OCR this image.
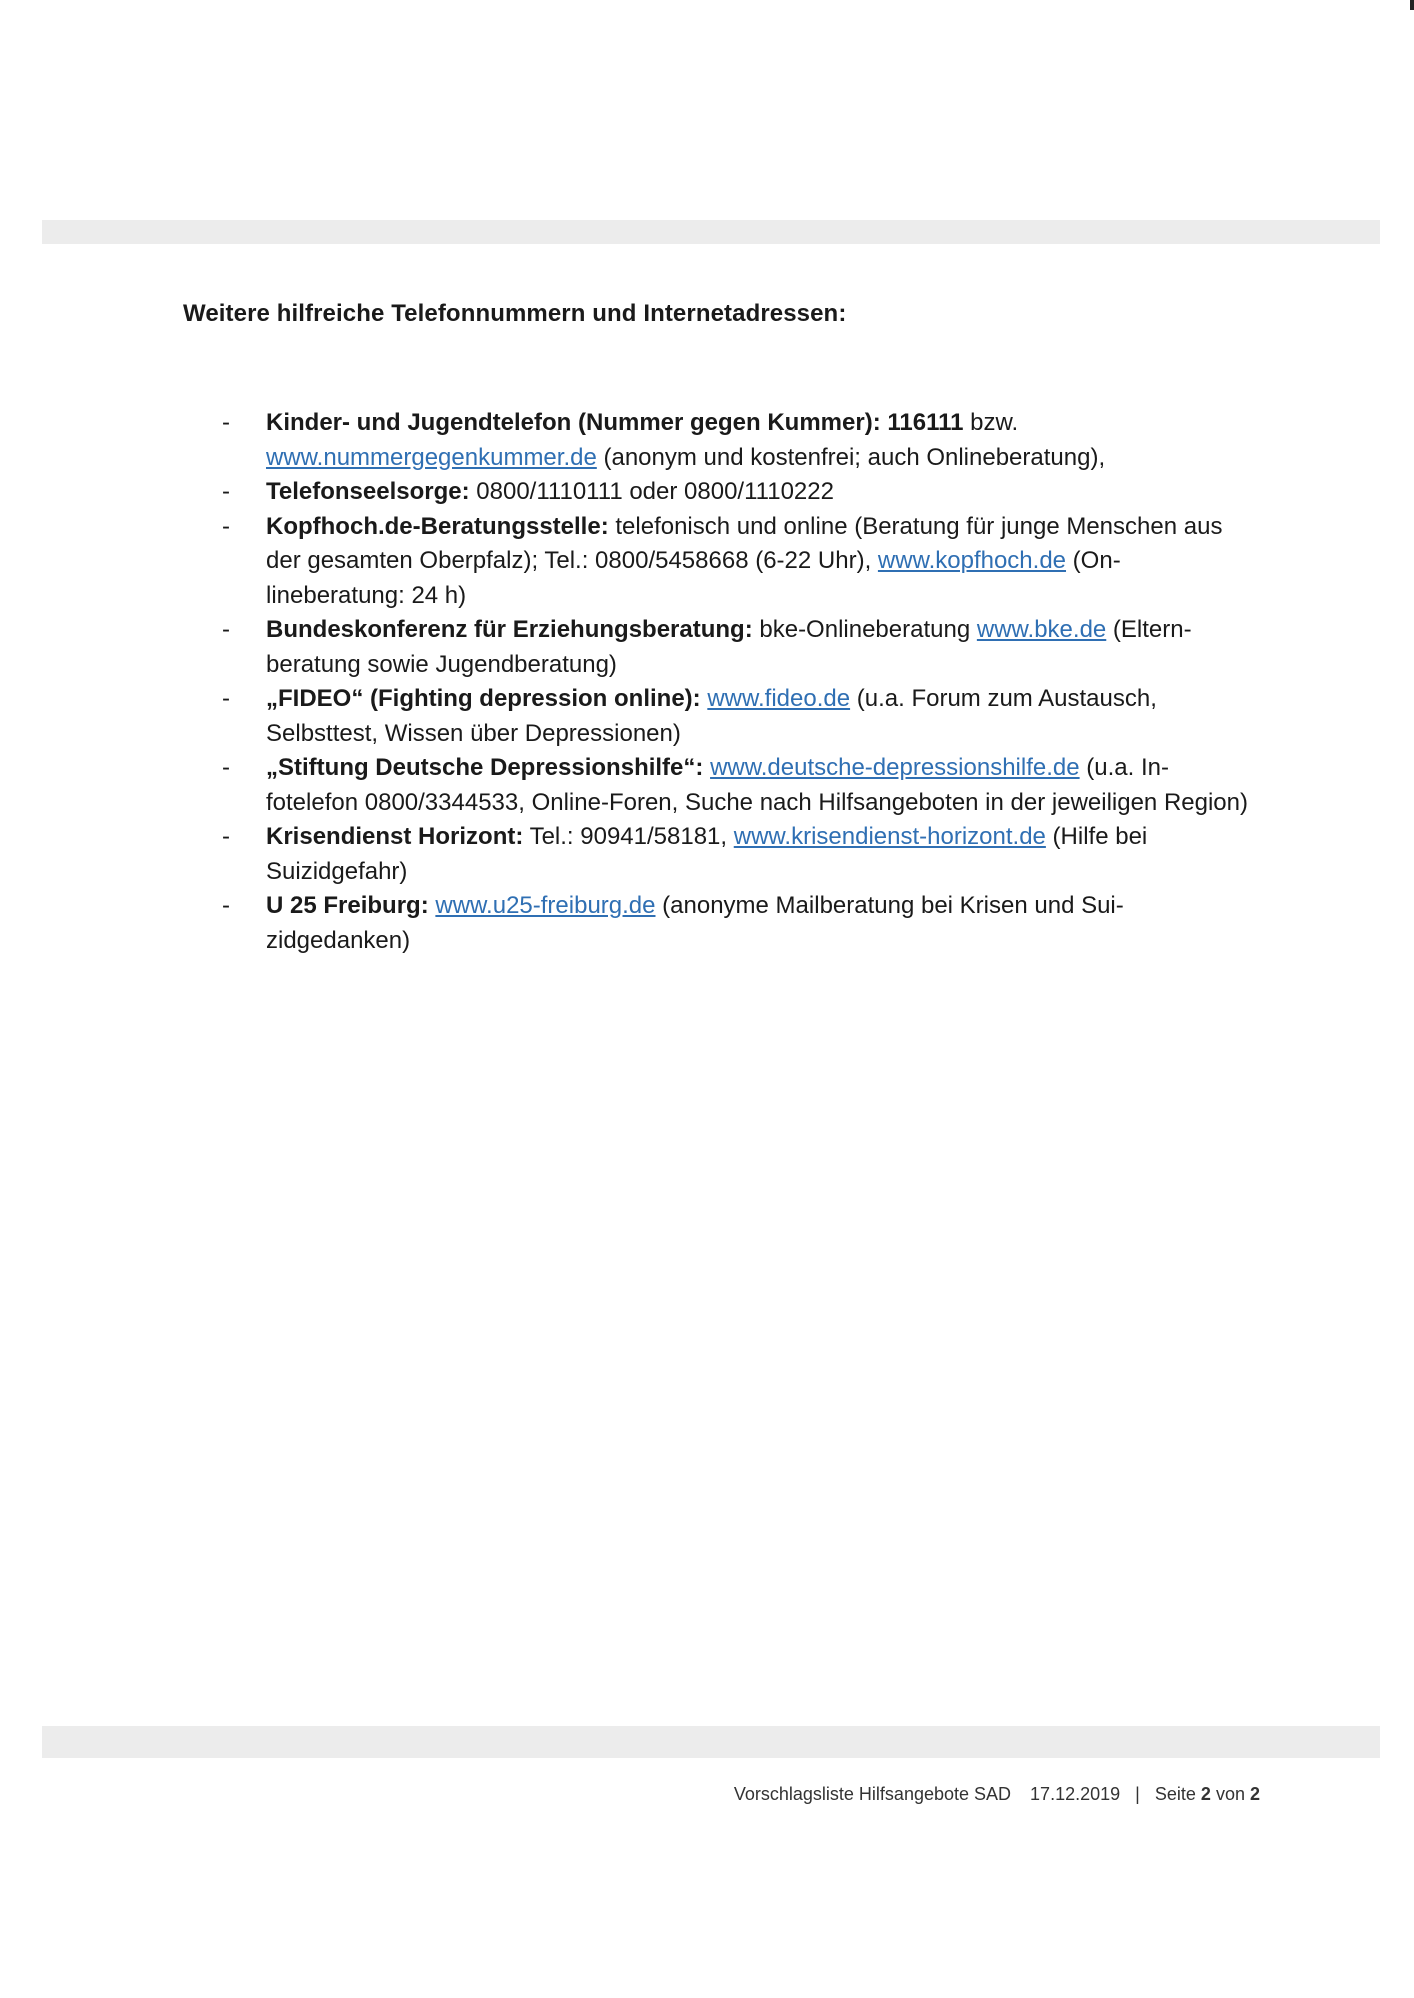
Weitere hilfreiche Telefonnummern und Internetadressen:
- Kinder- und Jugendtelefon (Nummer gegen Kummer): 116111 bzw. www.nummergegenkummer.de (anonym und kostenfrei; auch Onlineberatung),
- Telefonseelsorge: 0800/1110111 oder 0800/1110222
- Kopfhoch.de-Beratungsstelle: telefonisch und online (Beratung für junge Menschen aus der gesamten Oberpfalz); Tel.: 0800/5458668 (6-22 Uhr), www.kopfhoch.de (On- lineberatung: 24 h)
- Bundeskonferenz für Erziehungsberatung: bke-Onlineberatung www.bke.de (Eltern- beratung sowie Jugendberatung)
- „FIDEO“ (Fighting depression online): www.fideo.de (u.a. Forum zum Austausch, Selbsttest, Wissen über Depressionen)
- „Stiftung Deutsche Depressionshilfe“: www.deutsche-depressionshilfe.de (u.a. In- fotelefon 0800/3344533, Online-Foren, Suche nach Hilfsangeboten in der jeweiligen Region)
- Krisendienst Horizont: Tel.: 90941/58181, www.krisendienst-horizont.de (Hilfe bei Suizidgefahr)
- U 25 Freiburg: www.u25-freiburg.de (anonyme Mailberatung bei Krisen und Sui- zidgedanken)
Vorschlagsliste Hilfsangebote SAD 17.12.2019 | Seite 2 von 2
